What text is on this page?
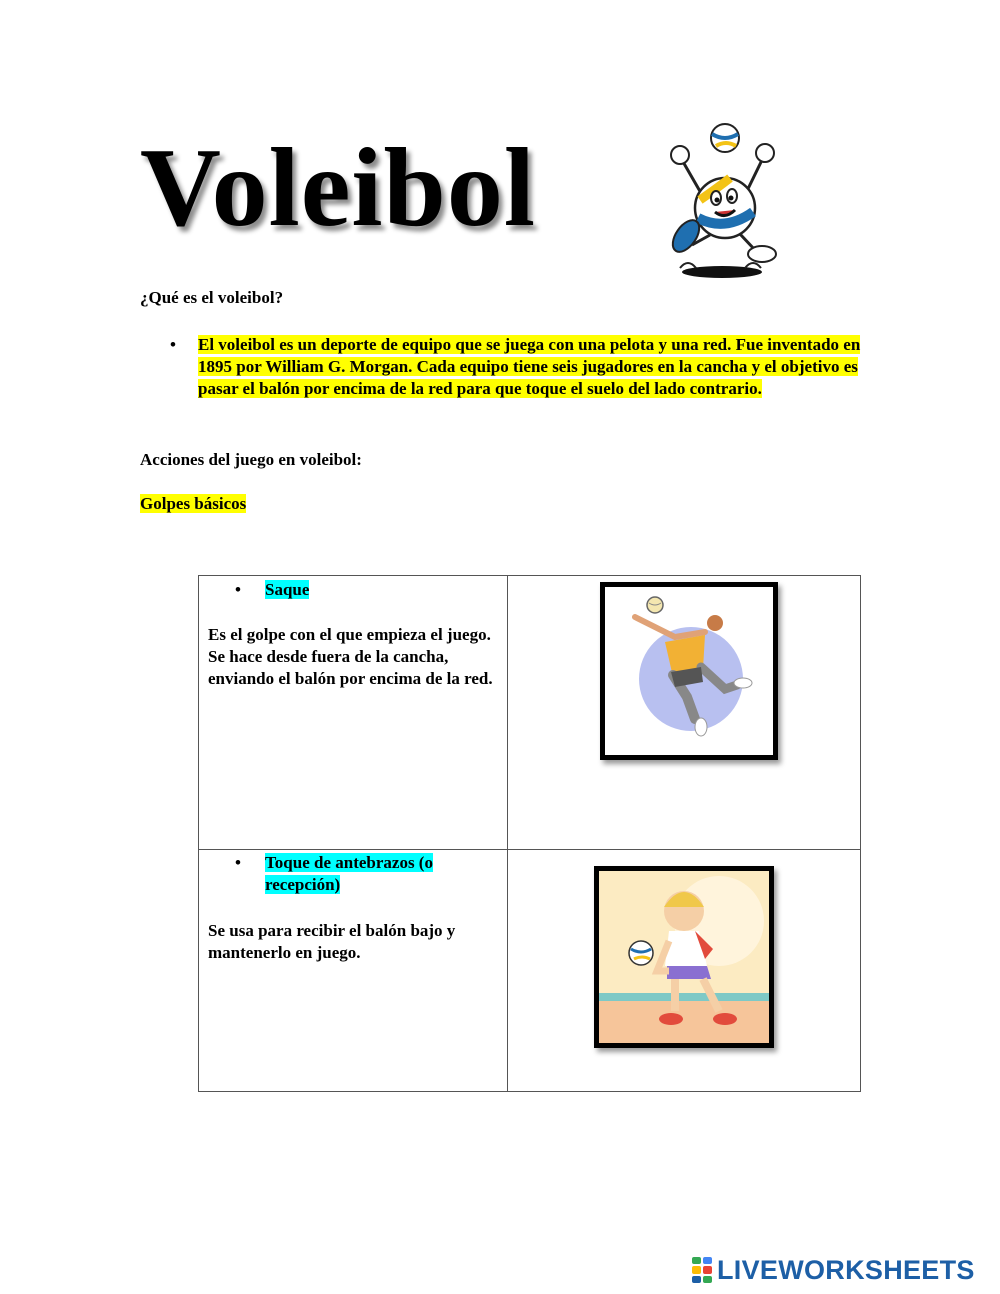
Voleibol
¿Qué es el voleibol?
• El voleibol es un deporte de equipo que se juega con una pelota y una red. Fue inventado en 1895 por William G. Morgan. Cada equipo tiene seis jugadores en la cancha y el objetivo es pasar el balón por encima de la red para que toque el suelo del lado contrario.
Acciones del juego en voleibol:
Golpes básicos
• Saque
Es el golpe con el que empieza el juego. Se hace desde fuera de la cancha, enviando el balón por encima de la red.
• Toque de antebrazos (o recepción)
Se usa para recibir el balón bajo y mantenerlo en juego.
LIVEWORKSHEETS
